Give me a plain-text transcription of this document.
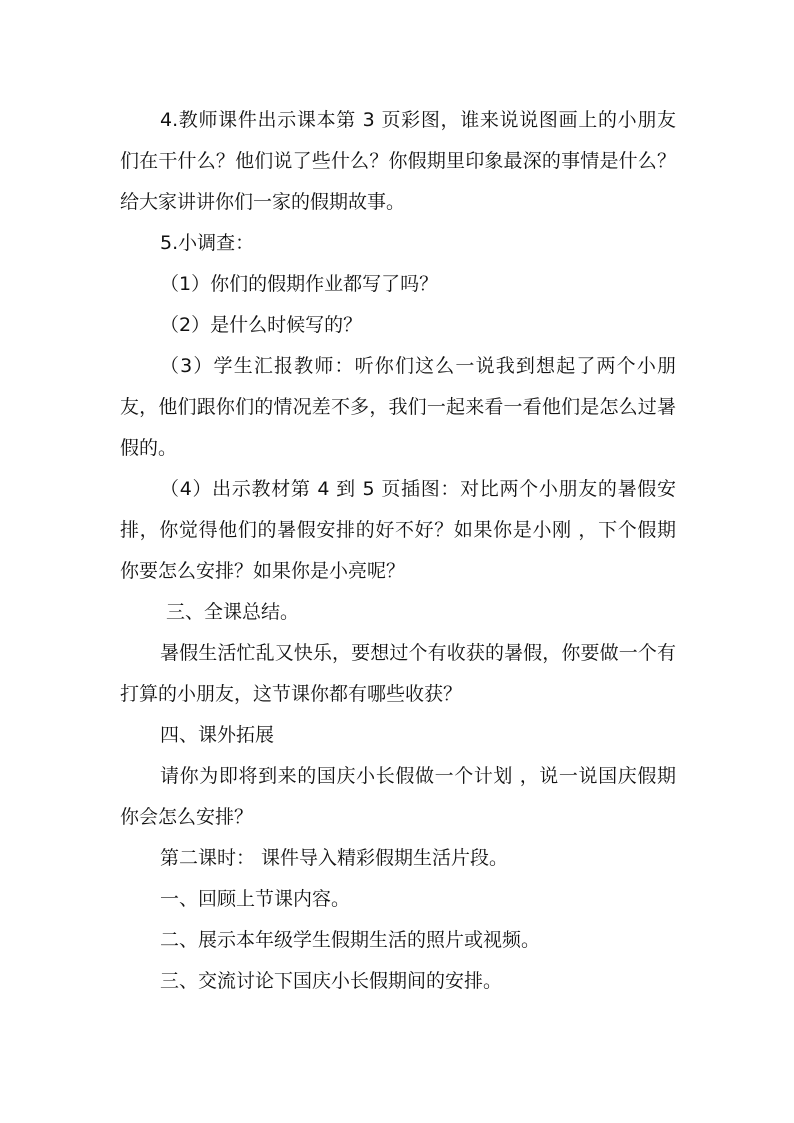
4.教师课件出示课本第 3 页彩图，谁来说说图画上的小朋友们在干什么？他们说了些什么？你假期里印象最深的事情是什么？给大家讲讲你们一家的假期故事。

5.小调查：

（1）你们的假期作业都写了吗？

（2）是什么时候写的？

（3）学生汇报教师：听你们这么一说我到想起了两个小朋友，他们跟你们的情况差不多，我们一起来看一看他们是怎么过暑假的。

（4）出示教材第 4 到 5 页插图：对比两个小朋友的暑假安排，你觉得他们的暑假安排的好不好？如果你是小刚 ，下个假期你要怎么安排？如果你是小亮呢？

三、全课总结。

暑假生活忙乱又快乐，要想过个有收获的暑假，你要做一个有打算的小朋友，这节课你都有哪些收获？

四、课外拓展

请你为即将到来的国庆小长假做一个计划 ，说一说国庆假期你会怎么安排？

第二课时： 课件导入精彩假期生活片段。

一、回顾上节课内容。

二、展示本年级学生假期生活的照片或视频。

三、交流讨论下国庆小长假期间的安排。
